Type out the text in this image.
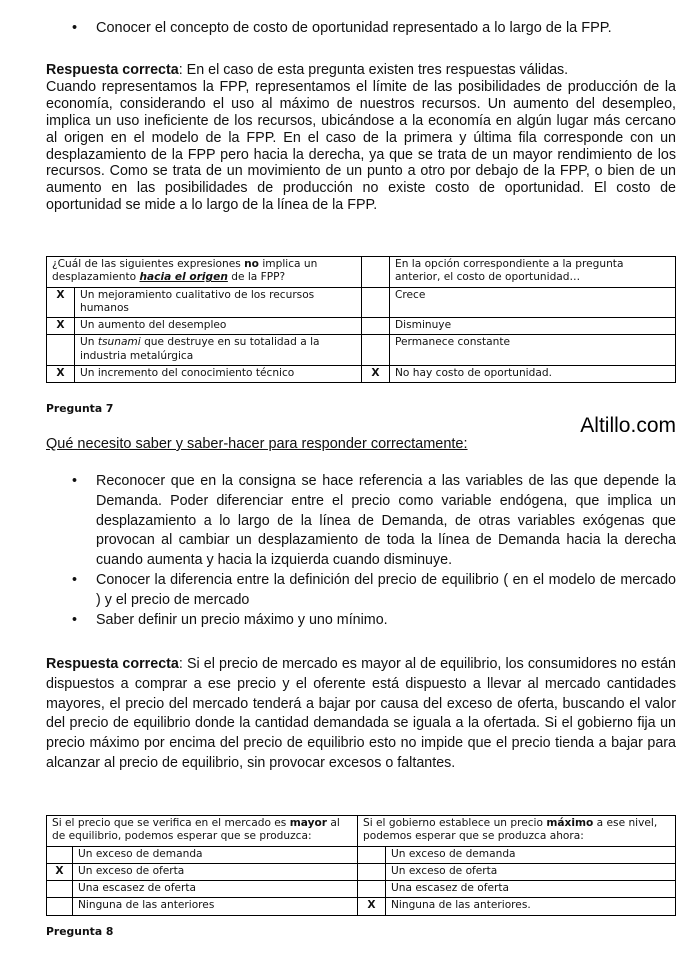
• Conocer el concepto de costo de oportunidad representado a lo largo de la FPP.
Respuesta correcta: En el caso de esta pregunta existen tres respuestas válidas.
Cuando representamos la FPP, representamos el límite de las posibilidades de producción de la economía, considerando el uso al máximo de nuestros recursos. Un aumento del desempleo, implica un uso ineficiente de los recursos, ubicándose a la economía en algún lugar más cercano al origen en el modelo de la FPP. En el caso de la primera y última fila corresponde con un desplazamiento de la FPP pero hacia la derecha, ya que se trata de un mayor rendimiento de los recursos. Como se trata de un movimiento de un punto a otro por debajo de la FPP, o bien de un aumento en las posibilidades de producción no existe costo de oportunidad. El costo de oportunidad se mide a lo largo de la línea de la FPP.
¿Cuál de las siguientes expresiones no implica un desplazamiento hacia el origen de la FPP?			En la opción correspondiente a la pregunta anterior, el costo de oportunidad…
X	Un mejoramiento cualitativo de los recursos humanos		Crece
X	Un aumento del desempleo		Disminuye
	Un tsunami que destruye en su totalidad a la industria metalúrgica		Permanece constante
X	Un incremento del conocimiento técnico	X	No hay costo de oportunidad.
Pregunta 7
Altillo.com
Qué necesito saber y saber-hacer para responder correctamente:
• Reconocer que en la consigna se hace referencia a las variables de las que depende la Demanda. Poder diferenciar entre el precio como variable endógena, que implica un desplazamiento a lo largo de la línea de Demanda, de otras variables exógenas que provocan al cambiar un desplazamiento de toda la línea de Demanda hacia la derecha cuando aumenta y hacia la izquierda cuando disminuye.
• Conocer la diferencia entre la definición del precio de equilibrio ( en el modelo de mercado ) y el precio de mercado
• Saber definir un precio máximo y uno mínimo.
Respuesta correcta: Si el precio de mercado es mayor al de equilibrio, los consumidores no están dispuestos a comprar a ese precio y el oferente está dispuesto a llevar al mercado cantidades mayores, el precio del mercado tenderá a bajar por causa del exceso de oferta, buscando el valor del precio de equilibrio donde la cantidad demandada se iguala a la ofertada. Si el gobierno fija un precio máximo por encima del precio de equilibrio esto no impide que el precio tienda a bajar para alcanzar al precio de equilibrio, sin provocar excesos o faltantes.
Si el precio que se verifica en el mercado es mayor al de equilibrio, podemos esperar que se produzca:		Si el gobierno establece un precio máximo a ese nivel, podemos esperar que se produzca ahora:	
	Un exceso de demanda		Un exceso de demanda
X	Un exceso de oferta		Un exceso de oferta
	Una escasez de oferta		Una escasez de oferta
	Ninguna de las anteriores	X	Ninguna de las anteriores.
Pregunta 8
